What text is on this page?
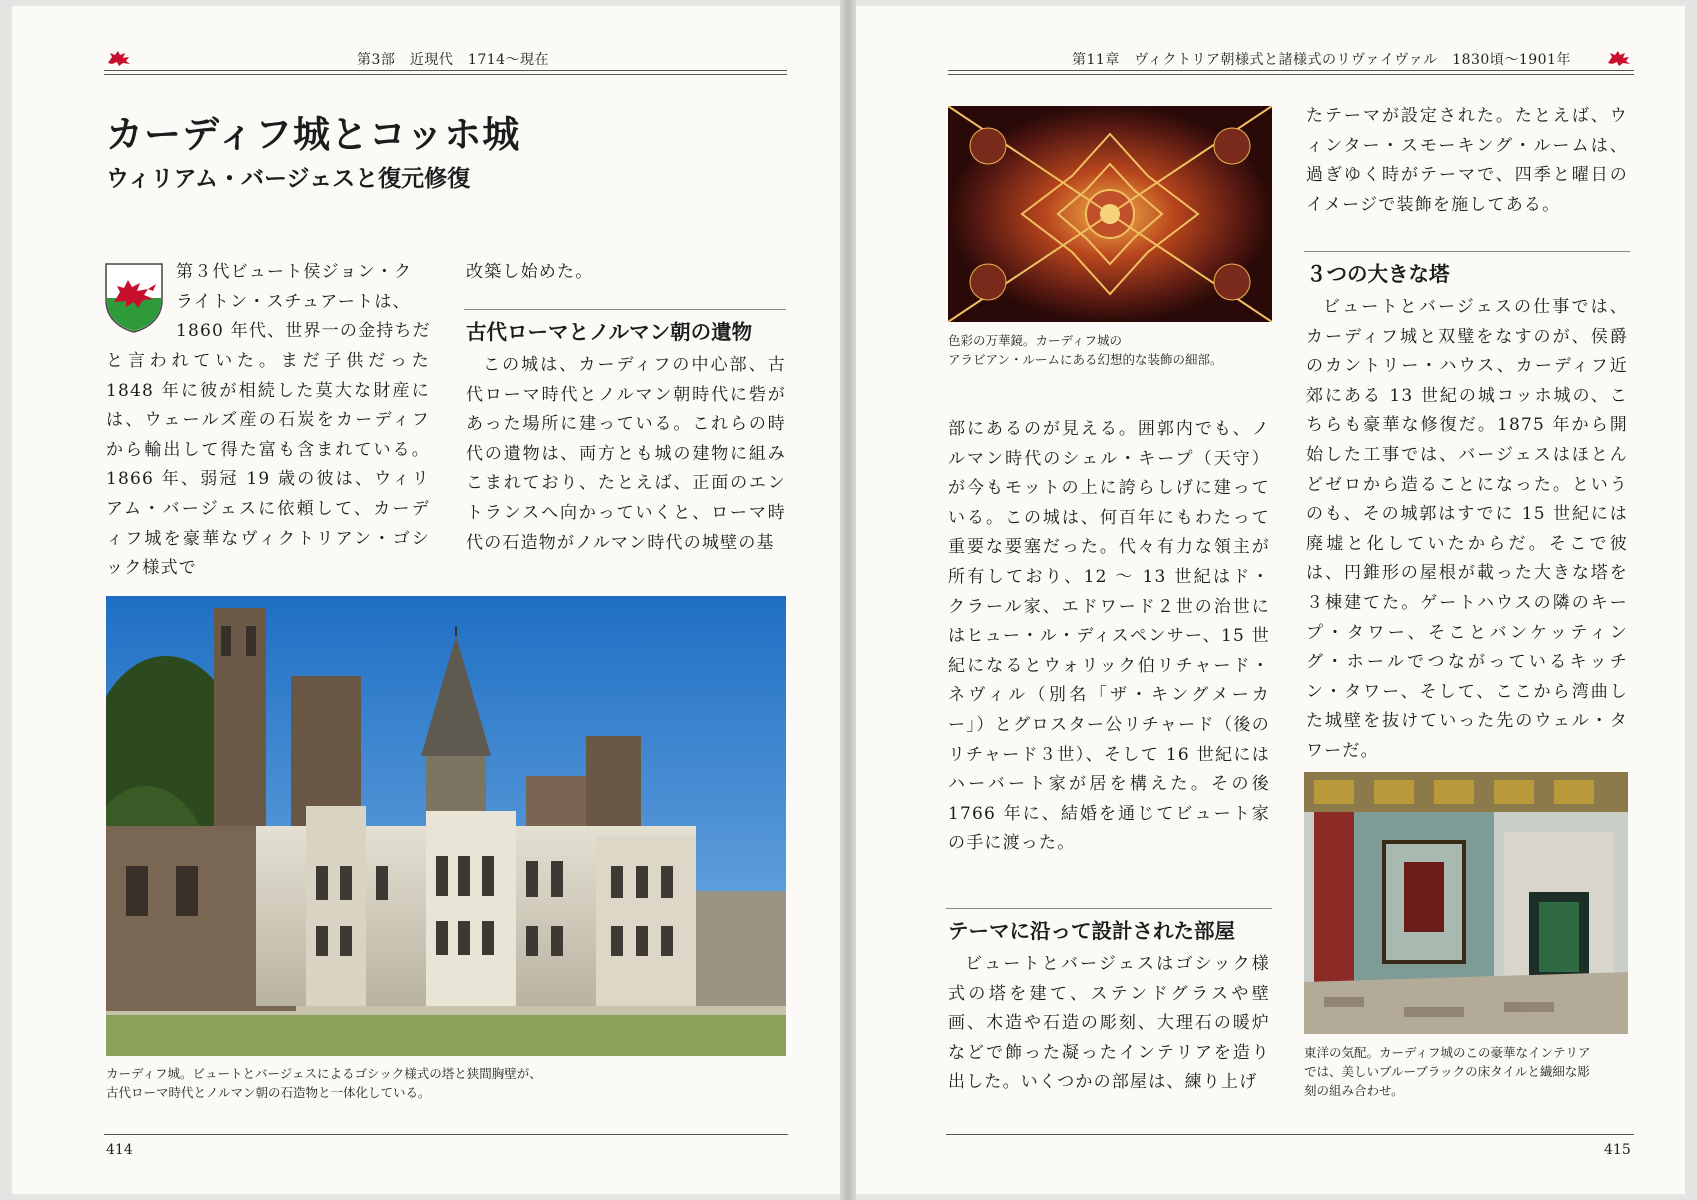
第3部　近現代　1714～現在
カーディフ城とコッホ城
ウィリアム・バージェスと復元修復
第３代ビュート侯ジョン・ク
ライトン・スチュアートは、
1860 年代、世界一の金持ちだ

と言われていた。まだ子供だった 1848 年に彼が相続した莫大な財産には、ウェールズ産の石炭をカーディフから輸出して得た富も含まれている。1866 年、弱冠 19 歳の彼は、ウィリアム・バージェスに依頼して、カーディフ城を豪華なヴィクトリアン・ゴシック様式で

改築し始めた。

古代ローマとノルマン朝の遺物

この城は、カーディフの中心部、古代ローマ時代とノルマン朝時代に砦があった場所に建っている。これらの時代の遺物は、両方とも城の建物に組みこまれており、たとえば、正面のエントランスへ向かっていくと、ローマ時代の石造物がノルマン時代の城壁の基

カーディフ城。ビュートとバージェスによるゴシック様式の塔と狭間胸壁が、
古代ローマ時代とノルマン朝の石造物と一体化している。
414
第11章　ヴィクトリア朝様式と諸様式のリヴァイヴァル　1830頃～1901年
色彩の万華鏡。カーディフ城の
アラビアン・ルームにある幻想的な装飾の細部。

部にあるのが見える。囲郭内でも、ノルマン時代のシェル・キープ（天守）が今もモットの上に誇らしげに建っている。この城は、何百年にもわたって重要な要塞だった。代々有力な領主が所有しており、12 ～ 13 世紀はド・クラール家、エドワード２世の治世にはヒュー・ル・ディスペンサー、15 世紀になるとウォリック伯リチャード・ネヴィル（別名「ザ・キングメーカー」）とグロスター公リチャード（後のリチャード３世）、そして 16 世紀にはハーバート家が居を構えた。その後 1766 年に、結婚を通じてビュート家の手に渡った。

テーマに沿って設計された部屋

ビュートとバージェスはゴシック様式の塔を建て、ステンドグラスや壁画、木造や石造の彫刻、大理石の暖炉などで飾った凝ったインテリアを造り出した。いくつかの部屋は、練り上げ

たテーマが設定された。たとえば、ウィンター・スモーキング・ルームは、過ぎゆく時がテーマで、四季と曜日のイメージで装飾を施してある。

３つの大きな塔

ビュートとバージェスの仕事では、カーディフ城と双璧をなすのが、侯爵のカントリー・ハウス、カーディフ近郊にある 13 世紀の城コッホ城の、こちらも豪華な修復だ。1875 年から開始した工事では、バージェスはほとんどゼロから造ることになった。というのも、その城郭はすでに 15 世紀には廃墟と化していたからだ。そこで彼は、円錐形の屋根が載った大きな塔を３棟建てた。ゲートハウスの隣のキープ・タワー、そことバンケッティング・ホールでつながっているキッチン・タワー、そして、ここから湾曲した城壁を抜けていった先のウェル・タワーだ。

東洋の気配。カーディフ城のこの豪華なインテリア
では、美しいブルーブラックの床タイルと繊細な彫
刻の組み合わせ。
415
